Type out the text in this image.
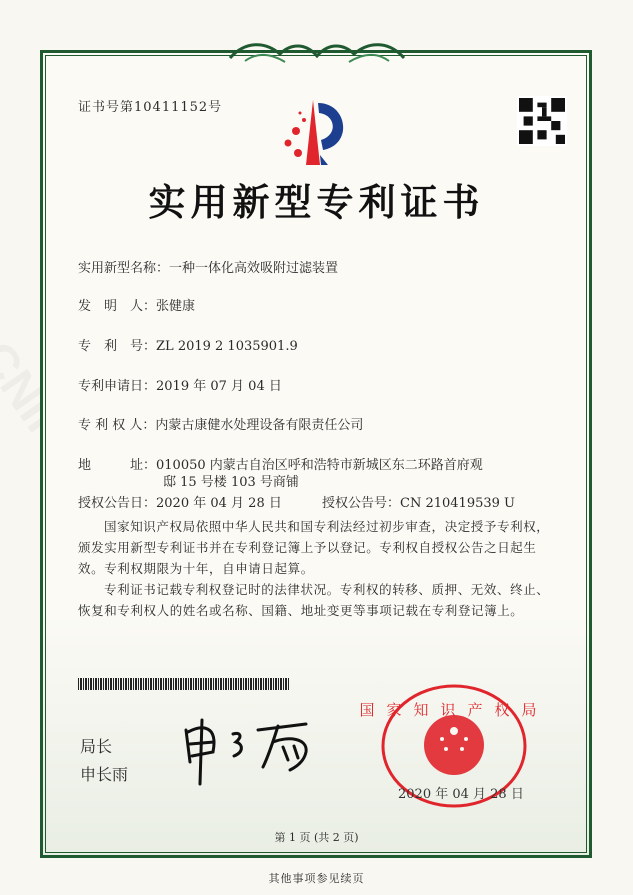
证书号第10411152号
实用新型专利证书
实用新型名称：一种一体化高效吸附过滤装置
发　明　人：张健康
专　利　号：ZL 2019 2 1035901.9
专利申请日：2019 年 07 月 04 日
专 利 权 人：内蒙古康健水处理设备有限责任公司
地　　　址：010050 内蒙古自治区呼和浩特市新城区东二环路首府观
邸 15 号楼 103 号商铺
授权公告日：2020 年 04 月 28 日	授权公告号：CN 210419539 U
国家知识产权局依照中华人民共和国专利法经过初步审查，决定授予专利权，颁发实用新型专利证书并在专利登记簿上予以登记。专利权自授权公告之日起生效。专利权期限为十年，自申请日起算。
专利证书记载专利权登记时的法律状况。专利权的转移、质押、无效、终止、恢复和专利权人的姓名或名称、国籍、地址变更等事项记载在专利登记簿上。
局长
申长雨
国家知识产权局
2020 年 04 月 28 日
第 1 页 (共 2 页)
其他事项参见续页
